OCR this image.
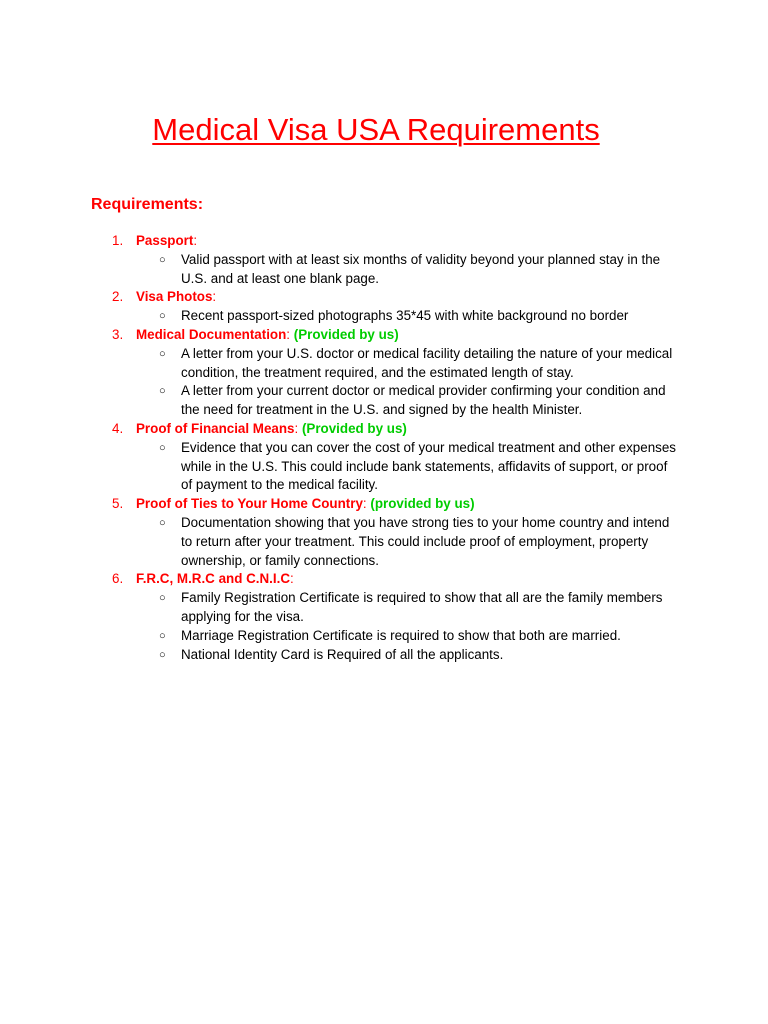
Medical Visa USA Requirements
Requirements:
1. Passport:
○ Valid passport with at least six months of validity beyond your planned stay in the U.S. and at least one blank page.
2. Visa Photos:
○ Recent passport-sized photographs 35*45 with white background no border
3. Medical Documentation: (Provided by us)
○ A letter from your U.S. doctor or medical facility detailing the nature of your medical condition, the treatment required, and the estimated length of stay.
○ A letter from your current doctor or medical provider confirming your condition and the need for treatment in the U.S. and signed by the health Minister.
4. Proof of Financial Means: (Provided by us)
○ Evidence that you can cover the cost of your medical treatment and other expenses while in the U.S. This could include bank statements, affidavits of support, or proof of payment to the medical facility.
5. Proof of Ties to Your Home Country: (provided by us)
○ Documentation showing that you have strong ties to your home country and intend to return after your treatment. This could include proof of employment, property ownership, or family connections.
6. F.R.C, M.R.C and C.N.I.C:
○ Family Registration Certificate is required to show that all are the family members applying for the visa.
○ Marriage Registration Certificate is required to show that both are married.
○ National Identity Card is Required of all the applicants.
